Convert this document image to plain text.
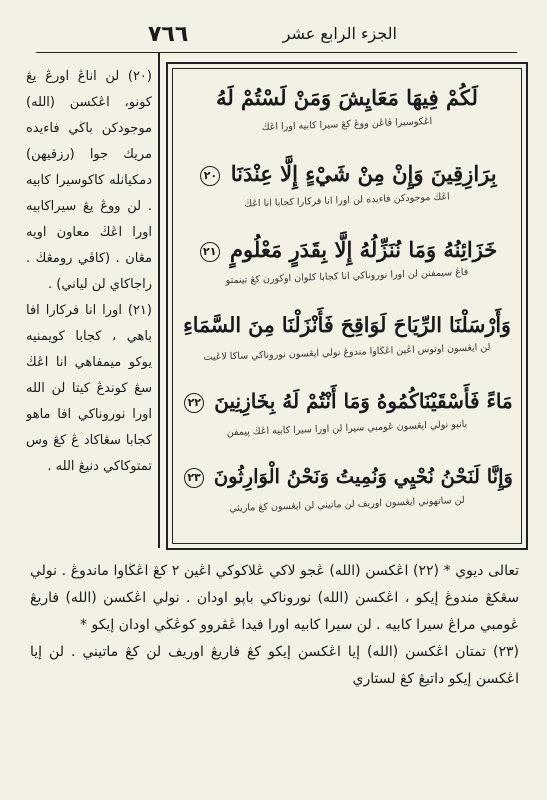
٧٦٦	الجزء الرابع عشر

(٢٠) لن اناڠ اورڠ يڠ كونو، اڠكسن (الله) موجودكن باڬي فاءيده مريك جوا (رزقيهن) دمكيانله كاكوسيرا كابيه . لن ووڠ يڠ سيراكابيه اورا اڠڬ معاون اويه مڠان . (كاڤي رومڠڬ . راجاكاي لن لياني) .

(٢١) اورا انا فركارا افا باهي ، كجابا كويمنيه يوكو ميمفاهي انا اڠڬ سڠ كوندڠ كيتا لن الله اورا نوروناكي افا ماهو كجابا سڠاكاد ڠ كڠ وس تمتوكاكي دنيڠ الله .

لَكُمْ فِيهَا مَعَايِشَ وَمَنْ لَسْتُمْ لَهُ
اڠكوسيرا ڤاڠن ووڠ كڠ سيرا كابيه اورا اڠڬ
بِرَازِقِينَ وَإِنْ مِنْ شَيْءٍ إِلَّا عِنْدَنَا ٢٠
اڠڬ موجودكن فاءيده لن اورا انا فركارا كجابا انا اڠڬ
خَزَائِنُهُ وَمَا نُنَزِّلُهُ إِلَّا بِقَدَرٍ مَعْلُومٍ ٢١
فاڠ سيمفنن لن اورا نوروناكي انا كجابا كلوان اوكورن كڠ تينمتو
وَأَرْسَلْنَا الرِّيَاحَ لَوَاقِحَ فَأَنْزَلْنَا مِنَ السَّمَاءِ
لن ايڠسون اوتوس اڠين اڠڬاوا مندوڠ نولي ايڠسون نوروناكي ساكا لاڠيت
مَاءً فَأَسْقَيْنَاكُمُوهُ وَمَا أَنْتُمْ لَهُ بِخَازِنِينَ ٢٢
بانيو نولي ايڠسون ڠومبي سيرا لن اورا سيرا كابيه اڠڬ ڽيمفن
وَإِنَّا لَنَحْنُ نُحْيِي وَنُمِيتُ وَنَحْنُ الْوَارِثُونَ ٢٣
لن ساتهوني ايڠسون اوريف لن ماتيني لن ايڠسون كڠ ماريثي

تعالى ديوي * (٢٢) اڠكسن (الله) ڠجو لاكي ڠلاكوكي اڠين ٢ كڠ اڠڬاوا ماندوڠ . نولي سڠكڠ مندوڠ إيكو ، اڠكسن (الله) نوروناكي باڽو اودان . نولي اڠكسن (الله) فاريڠ ڠومبي مراڠ سيرا كابيه . لن سيرا كابيه اورا فيدا ڠڤروو كوڠڬي اودان إيكو *

(٢٣) تمتان اڠكسن (الله) إيا اڠكسن إيكو كڠ فاريڠ اوريف لن كڠ ماتيني . لن إيا اڠكسن إيكو داتيڠ كڠ لستاري
